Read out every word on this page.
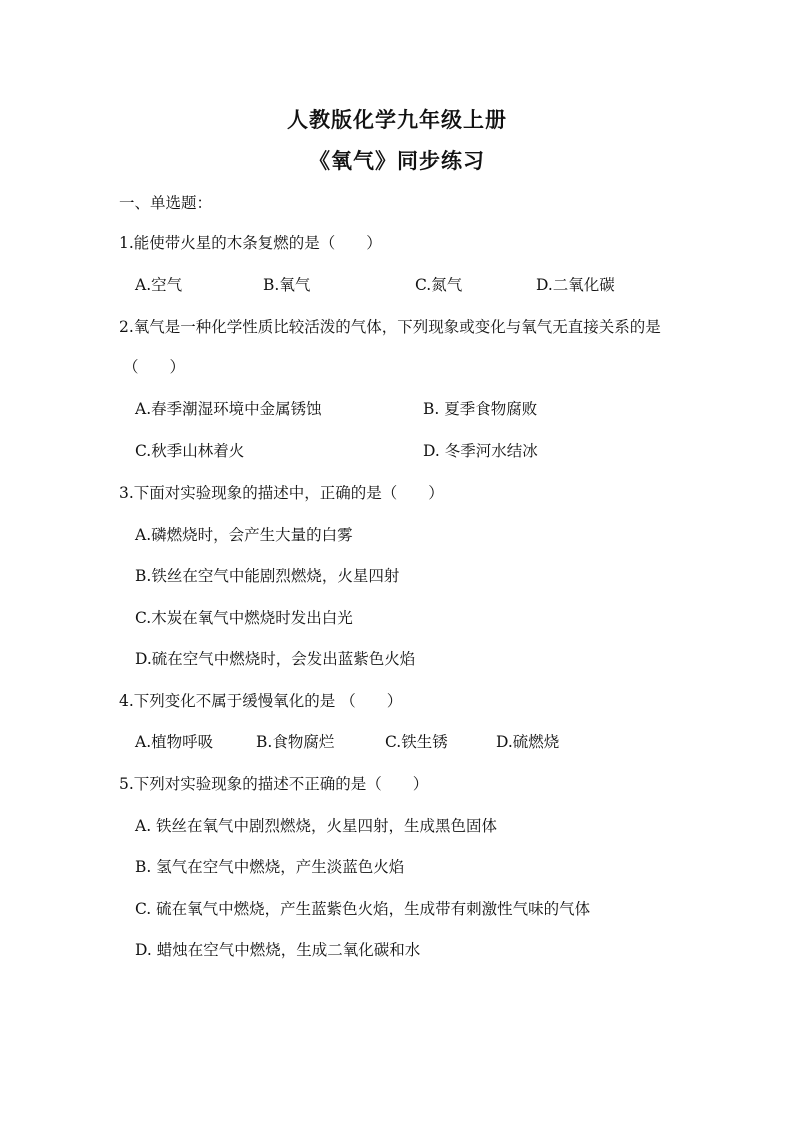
人教版化学九年级上册
《氧气》同步练习
一、单选题：
1.能使带火星的木条复燃的是（　　）
A.空气	B.氧气	C.氮气	D.二氧化碳
2.氧气是一种化学性质比较活泼的气体，下列现象或变化与氧气无直接关系的是
（　　）
A.春季潮湿环境中金属锈蚀	B. 夏季食物腐败
C.秋季山林着火	D. 冬季河水结冰
3.下面对实验现象的描述中，正确的是（　　）
A.磷燃烧时，会产生大量的白雾
B.铁丝在空气中能剧烈燃烧，火星四射
C.木炭在氧气中燃烧时发出白光
D.硫在空气中燃烧时，会发出蓝紫色火焰
4.下列变化不属于缓慢氧化的是 （　　）
A.植物呼吸	B.食物腐烂	C.铁生锈	D.硫燃烧
5.下列对实验现象的描述不正确的是（　　）
A. 铁丝在氧气中剧烈燃烧，火星四射，生成黑色固体
B. 氢气在空气中燃烧，产生淡蓝色火焰
C. 硫在氧气中燃烧，产生蓝紫色火焰，生成带有刺激性气味的气体
D. 蜡烛在空气中燃烧，生成二氧化碳和水
